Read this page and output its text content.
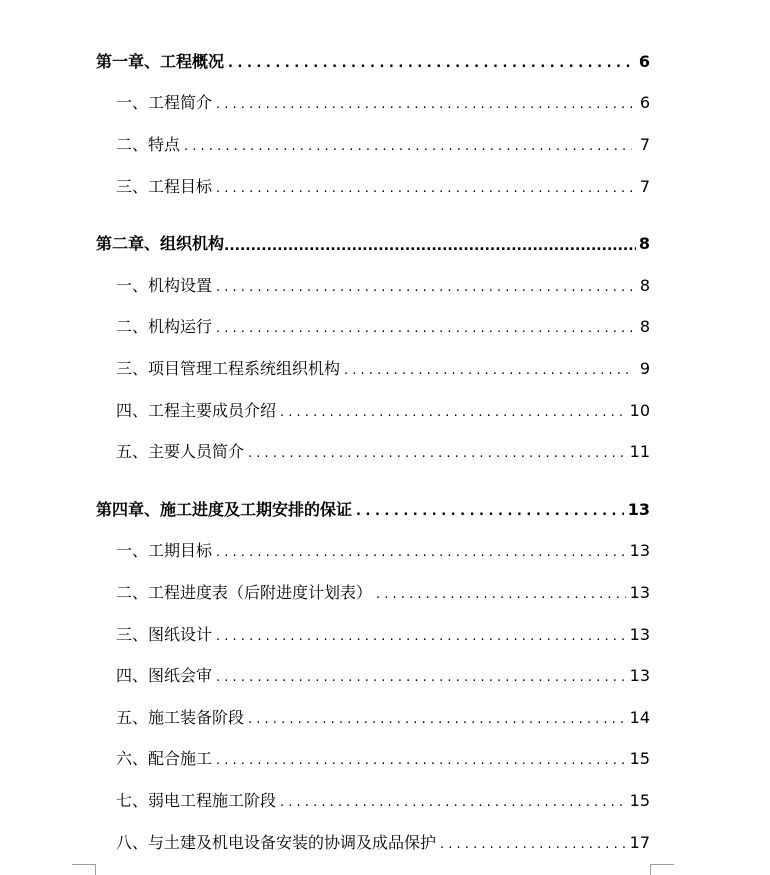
第一章、工程概况 . . .	6
一、工程简介 . . .	6
二、特点 . . .	7
三、工程目标 . . .	7
第二章、组织机构 .....	8
一、机构设置 . . .	8
二、机构运行 . . .	8
三、项目管理工程系统组织机构 . . .	9
四、工程主要成员介绍 . . .	10
五、主要人员简介 . . .	11
第四章、施工进度及工期安排的保证 . . .	13
一、工期目标 . . .	13
二、工程进度表（后附进度计划表） . . .	13
三、图纸设计 . . .	13
四、图纸会审 . . .	13
五、施工装备阶段 . . .	14
六、配合施工 . . .	15
七、弱电工程施工阶段 . . .	15
八、与土建及机电设备安装的协调及成品保护 . . .	17
